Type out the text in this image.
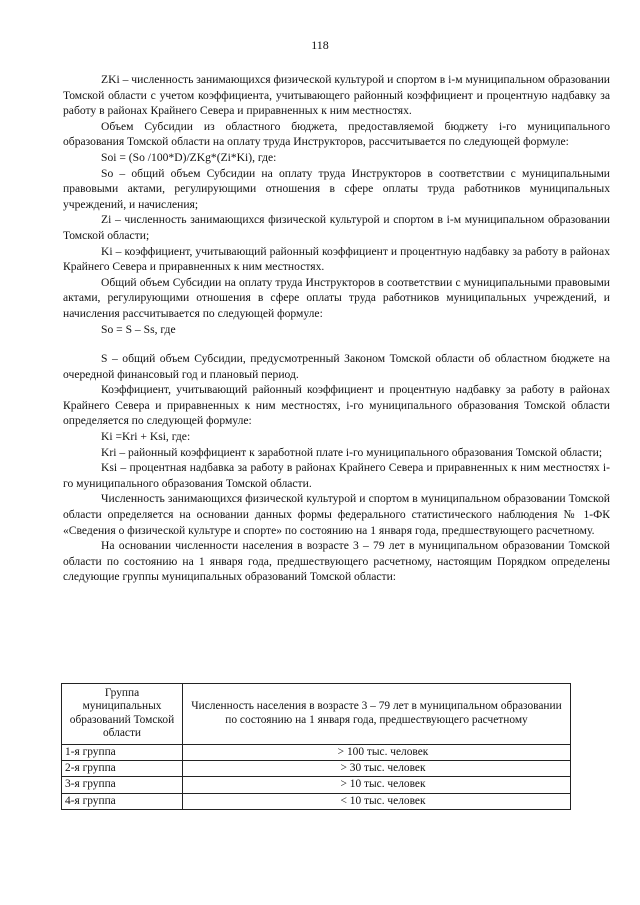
118

ZKi – численность занимающихся физической культурой и спортом в i-м муниципальном образовании Томской области с учетом коэффициента, учитывающего районный коэффициент и процентную надбавку за работу в районах Крайнего Севера и приравненных к ним местностях.

Объем Субсидии из областного бюджета, предоставляемой бюджету i-го муниципального образования Томской области на оплату труда Инструкторов, рассчитывается по следующей формуле:

Soi = (So /100*D)/ZKg*(Zi*Ki), где:

So – общий объем Субсидии на оплату труда Инструкторов в соответствии с муниципальными правовыми актами, регулирующими отношения в сфере оплаты труда работников муниципальных учреждений, и начисления;

Zi – численность занимающихся физической культурой и спортом в i-м муниципальном образовании Томской области;

Ki – коэффициент, учитывающий районный коэффициент и процентную надбавку за работу в районах Крайнего Севера и приравненных к ним местностях.

Общий объем Субсидии на оплату труда Инструкторов в соответствии с муниципальными правовыми актами, регулирующими отношения в сфере оплаты труда работников муниципальных учреждений, и начисления рассчитывается по следующей формуле:

So = S – Ss, где

S – общий объем Субсидии, предусмотренный Законом Томской области об областном бюджете на очередной финансовый год и плановый период.

Коэффициент, учитывающий районный коэффициент и процентную надбавку за работу в районах Крайнего Севера и приравненных к ним местностях, i-го муниципального образования Томской области определяется по следующей формуле:

Ki =Kri + Ksi, где:

Kri – районный коэффициент к заработной плате i-го муниципального образования Томской области;

Ksi – процентная надбавка за работу в районах Крайнего Севера и приравненных к ним местностях i-го муниципального образования Томской области.

Численность занимающихся физической культурой и спортом в муниципальном образовании Томской области определяется на основании данных формы федерального статистического наблюдения № 1-ФК «Сведения о физической культуре и спорте» по состоянию на 1 января года, предшествующего расчетному.

На основании численности населения в возрасте 3 – 79 лет в муниципальном образовании Томской области по состоянию на 1 января года, предшествующего расчетному, настоящим Порядком определены следующие группы муниципальных образований Томской области:

Группа муниципальных образований Томской области	Численность населения в возрасте 3 – 79 лет в муниципальном образовании по состоянию на 1 января года, предшествующего расчетному
1-я группа	> 100 тыс. человек
2-я группа	> 30 тыс. человек
3-я группа	> 10 тыс. человек
4-я группа	< 10 тыс. человек
